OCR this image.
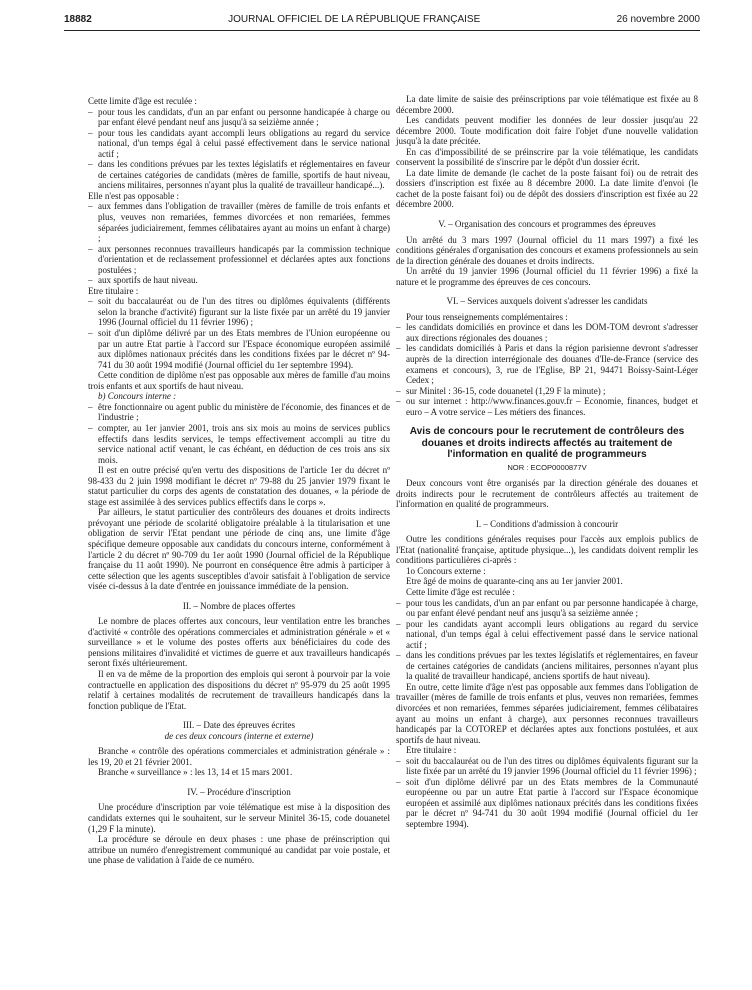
18882	JOURNAL OFFICIEL DE LA RÉPUBLIQUE FRANÇAISE	26 novembre 2000

Cette limite d'âge est reculée :

– pour tous les candidats, d'un an par enfant ou personne handicapée à charge ou par enfant élevé pendant neuf ans jusqu'à sa seizième année ;
– pour tous les candidats ayant accompli leurs obligations au regard du service national, d'un temps égal à celui passé effectivement dans le service national actif ;
– dans les conditions prévues par les textes législatifs et réglementaires en faveur de certaines catégories de candidats (mères de famille, sportifs de haut niveau, anciens militaires, personnes n'ayant plus la qualité de travailleur handicapé...).

Elle n'est pas opposable :

– aux femmes dans l'obligation de travailler (mères de famille de trois enfants et plus, veuves non remariées, femmes divorcées et non remariées, femmes séparées judiciairement, femmes célibataires ayant au moins un enfant à charge) ;
– aux personnes reconnues travailleurs handicapés par la commission technique d'orientation et de reclassement professionnel et déclarées aptes aux fonctions postulées ;
– aux sportifs de haut niveau.

Etre titulaire :

– soit du baccalauréat ou de l'un des titres ou diplômes équivalents (différents selon la branche d'activité) figurant sur la liste fixée par un arrêté du 19 janvier 1996 (Journal officiel du 11 février 1996) ;
– soit d'un diplôme délivré par un des Etats membres de l'Union européenne ou par un autre Etat partie à l'accord sur l'Espace économique européen assimilé aux diplômes nationaux précités dans les conditions fixées par le décret nº 94-741 du 30 août 1994 modifié (Journal officiel du 1er septembre 1994).

Cette condition de diplôme n'est pas opposable aux mères de famille d'au moins trois enfants et aux sportifs de haut niveau.

b) Concours interne :

– être fonctionnaire ou agent public du ministère de l'économie, des finances et de l'industrie ;
– compter, au 1er janvier 2001, trois ans six mois au moins de services publics effectifs dans lesdits services, le temps effectivement accompli au titre du service national actif venant, le cas échéant, en déduction de ces trois ans six mois.

Il est en outre précisé qu'en vertu des dispositions de l'article 1er du décret nº 98-433 du 2 juin 1998 modifiant le décret nº 79-88 du 25 janvier 1979 fixant le statut particulier du corps des agents de constatation des douanes, « la période de stage est assimilée à des services publics effectifs dans le corps ».

Par ailleurs, le statut particulier des contrôleurs des douanes et droits indirects prévoyant une période de scolarité obligatoire préalable à la titularisation et une obligation de servir l'Etat pendant une période de cinq ans, une limite d'âge spécifique demeure opposable aux candidats du concours interne, conformément à l'article 2 du décret nº 90-709 du 1er août 1990 (Journal officiel de la République française du 11 août 1990). Ne pourront en conséquence être admis à participer à cette sélection que les agents susceptibles d'avoir satisfait à l'obligation de service visée ci-dessus à la date d'entrée en jouissance immédiate de la pension.

II. – Nombre de places offertes

Le nombre de places offertes aux concours, leur ventilation entre les branches d'activité « contrôle des opérations commerciales et administration générale » et « surveillance » et le volume des postes offerts aux bénéficiaires du code des pensions militaires d'invalidité et victimes de guerre et aux travailleurs handicapés seront fixés ultérieurement.

Il en va de même de la proportion des emplois qui seront à pourvoir par la voie contractuelle en application des dispositions du décret nº 95-979 du 25 août 1995 relatif à certaines modalités de recrutement de travailleurs handicapés dans la fonction publique de l'Etat.

III. – Date des épreuves écrites
de ces deux concours (interne et externe)

Branche « contrôle des opérations commerciales et administration générale » : les 19, 20 et 21 février 2001.

Branche « surveillance » : les 13, 14 et 15 mars 2001.

IV. – Procédure d'inscription

Une procédure d'inscription par voie télématique est mise à la disposition des candidats externes qui le souhaitent, sur le serveur Minitel 36-15, code douanetel (1,29 F la minute).

La procédure se déroule en deux phases : une phase de préinscription qui attribue un numéro d'enregistrement communiqué au candidat par voie postale, et une phase de validation à l'aide de ce numéro.

La date limite de saisie des préinscriptions par voie télématique est fixée au 8 décembre 2000.

Les candidats peuvent modifier les données de leur dossier jusqu'au 22 décembre 2000. Toute modification doit faire l'objet d'une nouvelle validation jusqu'à la date précitée.

En cas d'impossibilité de se préinscrire par la voie télématique, les candidats conservent la possibilité de s'inscrire par le dépôt d'un dossier écrit.

La date limite de demande (le cachet de la poste faisant foi) ou de retrait des dossiers d'inscription est fixée au 8 décembre 2000. La date limite d'envoi (le cachet de la poste faisant foi) ou de dépôt des dossiers d'inscription est fixée au 22 décembre 2000.

V. – Organisation des concours et programmes des épreuves

Un arrêté du 3 mars 1997 (Journal officiel du 11 mars 1997) a fixé les conditions générales d'organisation des concours et examens professionnels au sein de la direction générale des douanes et droits indirects.

Un arrêté du 19 janvier 1996 (Journal officiel du 11 février 1996) a fixé la nature et le programme des épreuves de ces concours.

VI. – Services auxquels doivent s'adresser les candidats

Pour tous renseignements complémentaires :

– les candidats domiciliés en province et dans les DOM-TOM devront s'adresser aux directions régionales des douanes ;
– les candidats domiciliés à Paris et dans la région parisienne devront s'adresser auprès de la direction interrégionale des douanes d'Ile-de-France (service des examens et concours), 3, rue de l'Eglise, BP 21, 94471 Boissy-Saint-Léger Cedex ;
– sur Minitel : 36-15, code douanetel (1,29 F la minute) ;
– ou sur internet : http://www.finances.gouv.fr – Economie, finances, budget et euro – A votre service – Les métiers des finances.
Avis de concours pour le recrutement de contrôleurs des douanes et droits indirects affectés au traitement de l'information en qualité de programmeurs
NOR : ECOP0000877V

Deux concours vont être organisés par la direction générale des douanes et droits indirects pour le recrutement de contrôleurs affectés au traitement de l'information en qualité de programmeurs.

I. – Conditions d'admission à concourir

Outre les conditions générales requises pour l'accès aux emplois publics de l'Etat (nationalité française, aptitude physique...), les candidats doivent remplir les conditions particulières ci-après :

1o Concours externe :

Etre âgé de moins de quarante-cinq ans au 1er janvier 2001.

Cette limite d'âge est reculée :

– pour tous les candidats, d'un an par enfant ou par personne handicapée à charge, ou par enfant élevé pendant neuf ans jusqu'à sa seizième année ;
– pour les candidats ayant accompli leurs obligations au regard du service national, d'un temps égal à celui effectivement passé dans le service national actif ;
– dans les conditions prévues par les textes législatifs et réglementaires, en faveur de certaines catégories de candidats (anciens militaires, personnes n'ayant plus la qualité de travailleur handicapé, anciens sportifs de haut niveau).

En outre, cette limite d'âge n'est pas opposable aux femmes dans l'obligation de travailler (mères de famille de trois enfants et plus, veuves non remariées, femmes divorcées et non remariées, femmes séparées judiciairement, femmes célibataires ayant au moins un enfant à charge), aux personnes reconnues travailleurs handicapés par la COTOREP et déclarées aptes aux fonctions postulées, et aux sportifs de haut niveau.

Etre titulaire :

– soit du baccalauréat ou de l'un des titres ou diplômes équivalents figurant sur la liste fixée par un arrêté du 19 janvier 1996 (Journal officiel du 11 février 1996) ;
– soit d'un diplôme délivré par un des Etats membres de la Communauté européenne ou par un autre Etat partie à l'accord sur l'Espace économique européen et assimilé aux diplômes nationaux précités dans les conditions fixées par le décret nº 94-741 du 30 août 1994 modifié (Journal officiel du 1er septembre 1994).
